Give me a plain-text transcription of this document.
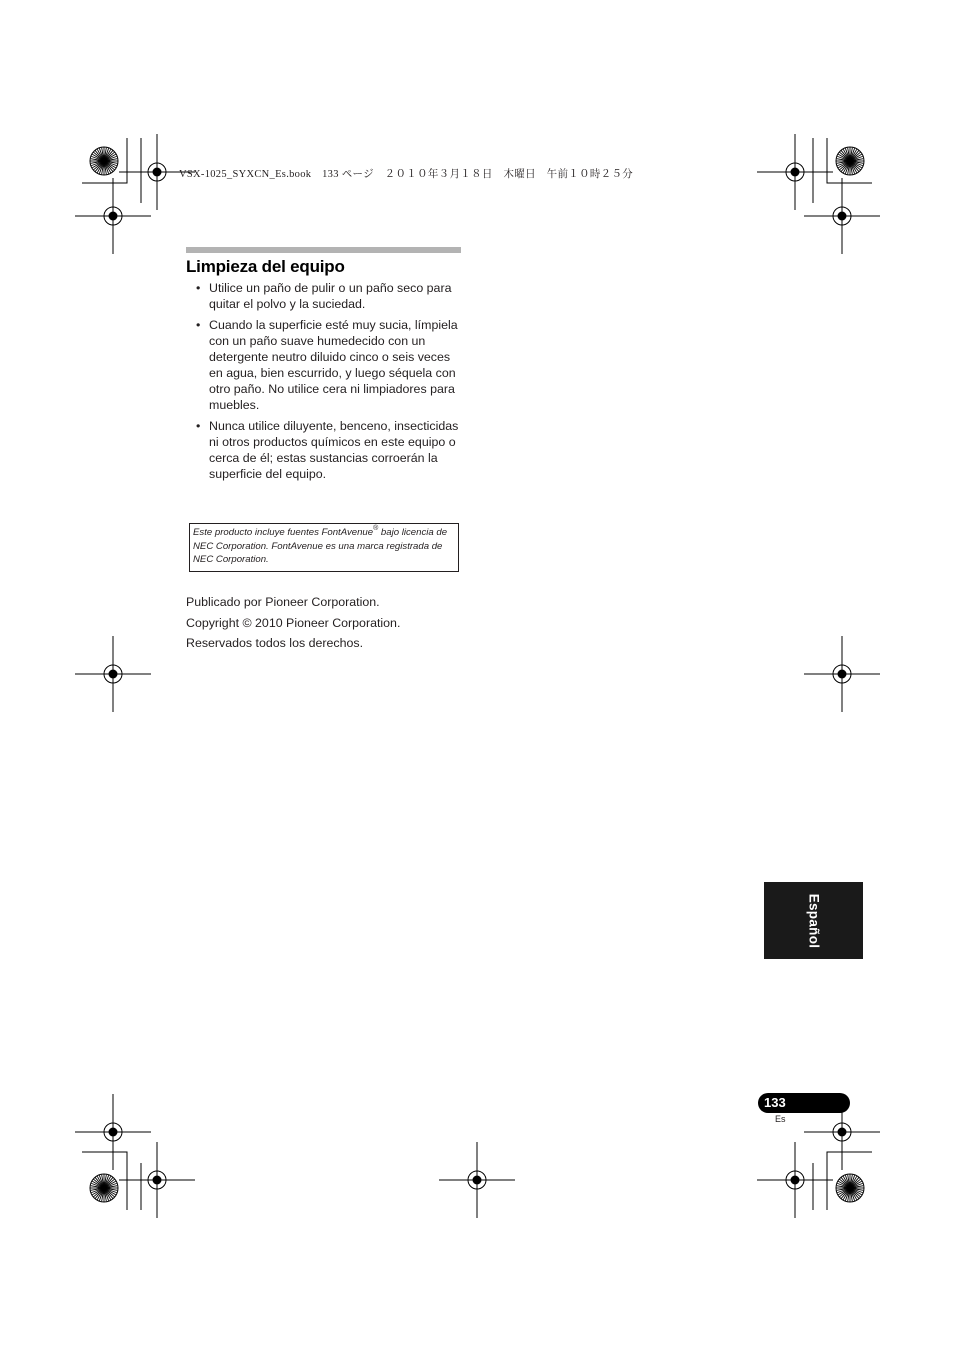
VSX-1025_SYXCN_Es.book　133 ページ　２０１０年３月１８日　木曜日　午前１０時２５分
Limpieza del equipo
• Utilice un paño de pulir o un paño seco para quitar el polvo y la suciedad.
• Cuando la superficie esté muy sucia, límpiela con un paño suave humedecido con un detergente neutro diluido cinco o seis veces en agua, bien escurrido, y luego séquela con otro paño. No utilice cera ni limpiadores para muebles.
• Nunca utilice diluyente, benceno, insecticidas ni otros productos químicos en este equipo o cerca de él; estas sustancias corroerán la superficie del equipo.
Este producto incluye fuentes FontAvenue® bajo licencia de NEC Corporation. FontAvenue es una marca registrada de NEC Corporation.

Publicado por Pioneer Corporation.

Copyright © 2010 Pioneer Corporation.

Reservados todos los derechos.

Español
133
Es
